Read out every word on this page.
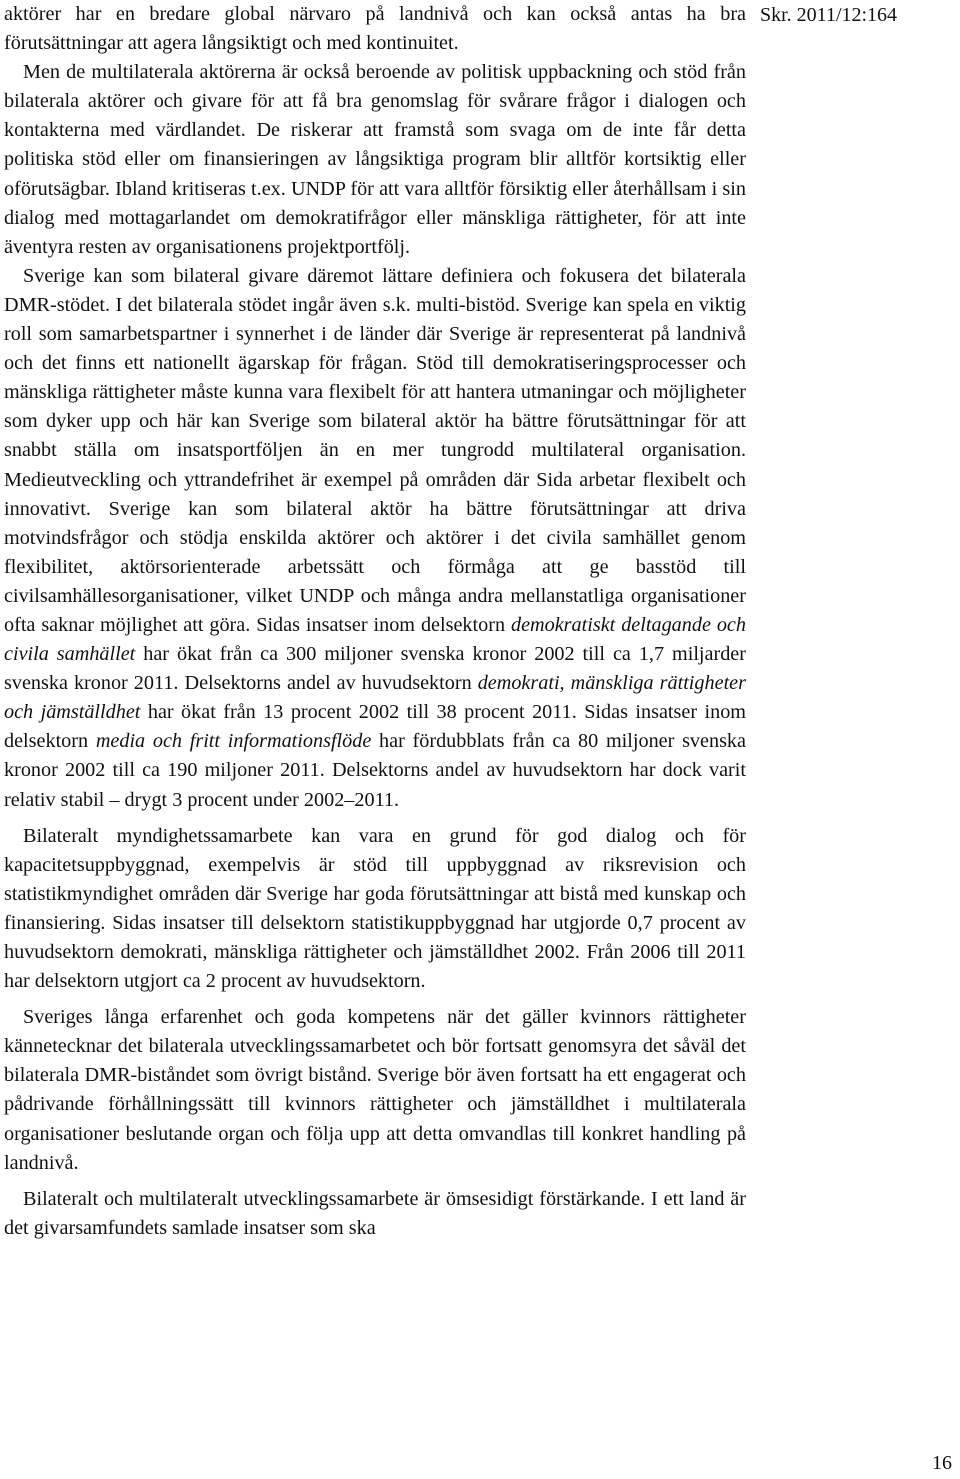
aktörer har en bredare global närvaro på landnivå och kan också antas ha bra förutsättningar att agera långsiktigt och med kontinuitet.

Men de multilaterala aktörerna är också beroende av politisk uppbackning och stöd från bilaterala aktörer och givare för att få bra genomslag för svårare frågor i dialogen och kontakterna med värdlandet. De riskerar att framstå som svaga om de inte får detta politiska stöd eller om finansieringen av långsiktiga program blir alltför kortsiktig eller oförutsägbar. Ibland kritiseras t.ex. UNDP för att vara alltför försiktig eller återhållsam i sin dialog med mottagarlandet om demokratifrågor eller mänskliga rättigheter, för att inte äventyra resten av organisationens projektportfölj.

Sverige kan som bilateral givare däremot lättare definiera och fokusera det bilaterala DMR-stödet. I det bilaterala stödet ingår även s.k. multi-bistöd. Sverige kan spela en viktig roll som samarbetspartner i synnerhet i de länder där Sverige är representerat på landnivå och det finns ett nationellt ägarskap för frågan. Stöd till demokratiseringsprocesser och mänskliga rättigheter måste kunna vara flexibelt för att hantera utmaningar och möjligheter som dyker upp och här kan Sverige som bilateral aktör ha bättre förutsättningar för att snabbt ställa om insatsportföljen än en mer tungrodd multilateral organisation. Medieutveckling och yttrandefrihet är exempel på områden där Sida arbetar flexibelt och innovativt. Sverige kan som bilateral aktör ha bättre förutsättningar att driva motvindsfrågor och stödja enskilda aktörer och aktörer i det civila samhället genom flexibilitet, aktörsorienterade arbetssätt och förmåga att ge basstöd till civilsamhällesorganisationer, vilket UNDP och många andra mellanstatliga organisationer ofta saknar möjlighet att göra. Sidas insatser inom delsektorn demokratiskt deltagande och civila samhället har ökat från ca 300 miljoner svenska kronor 2002 till ca 1,7 miljarder svenska kronor 2011. Delsektorns andel av huvudsektorn demokrati, mänskliga rättigheter och jämställdhet har ökat från 13 procent 2002 till 38 procent 2011. Sidas insatser inom delsektorn media och fritt informationsflöde har fördubblats från ca 80 miljoner svenska kronor 2002 till ca 190 miljoner 2011. Delsektorns andel av huvudsektorn har dock varit relativ stabil – drygt 3 procent under 2002–2011.

Bilateralt myndighetssamarbete kan vara en grund för god dialog och för kapacitetsuppbyggnad, exempelvis är stöd till uppbyggnad av riksrevision och statistikmyndighet områden där Sverige har goda förutsättningar att bistå med kunskap och finansiering. Sidas insatser till delsektorn statistikuppbyggnad har utgjorde 0,7 procent av huvudsektorn demokrati, mänskliga rättigheter och jämställdhet 2002. Från 2006 till 2011 har delsektorn utgjort ca 2 procent av huvudsektorn.

Sveriges långa erfarenhet och goda kompetens när det gäller kvinnors rättigheter kännetecknar det bilaterala utvecklingssamarbetet och bör fortsatt genomsyra det såväl det bilaterala DMR-biståndet som övrigt bistånd. Sverige bör även fortsatt ha ett engagerat och pådrivande förhållningssätt till kvinnors rättigheter och jämställdhet i multilaterala organisationer beslutande organ och följa upp att detta omvandlas till konkret handling på landnivå.

Bilateralt och multilateralt utvecklingssamarbete är ömsesidigt förstärkande. I ett land är det givarsamfundets samlade insatser som ska

Skr. 2011/12:164
16
